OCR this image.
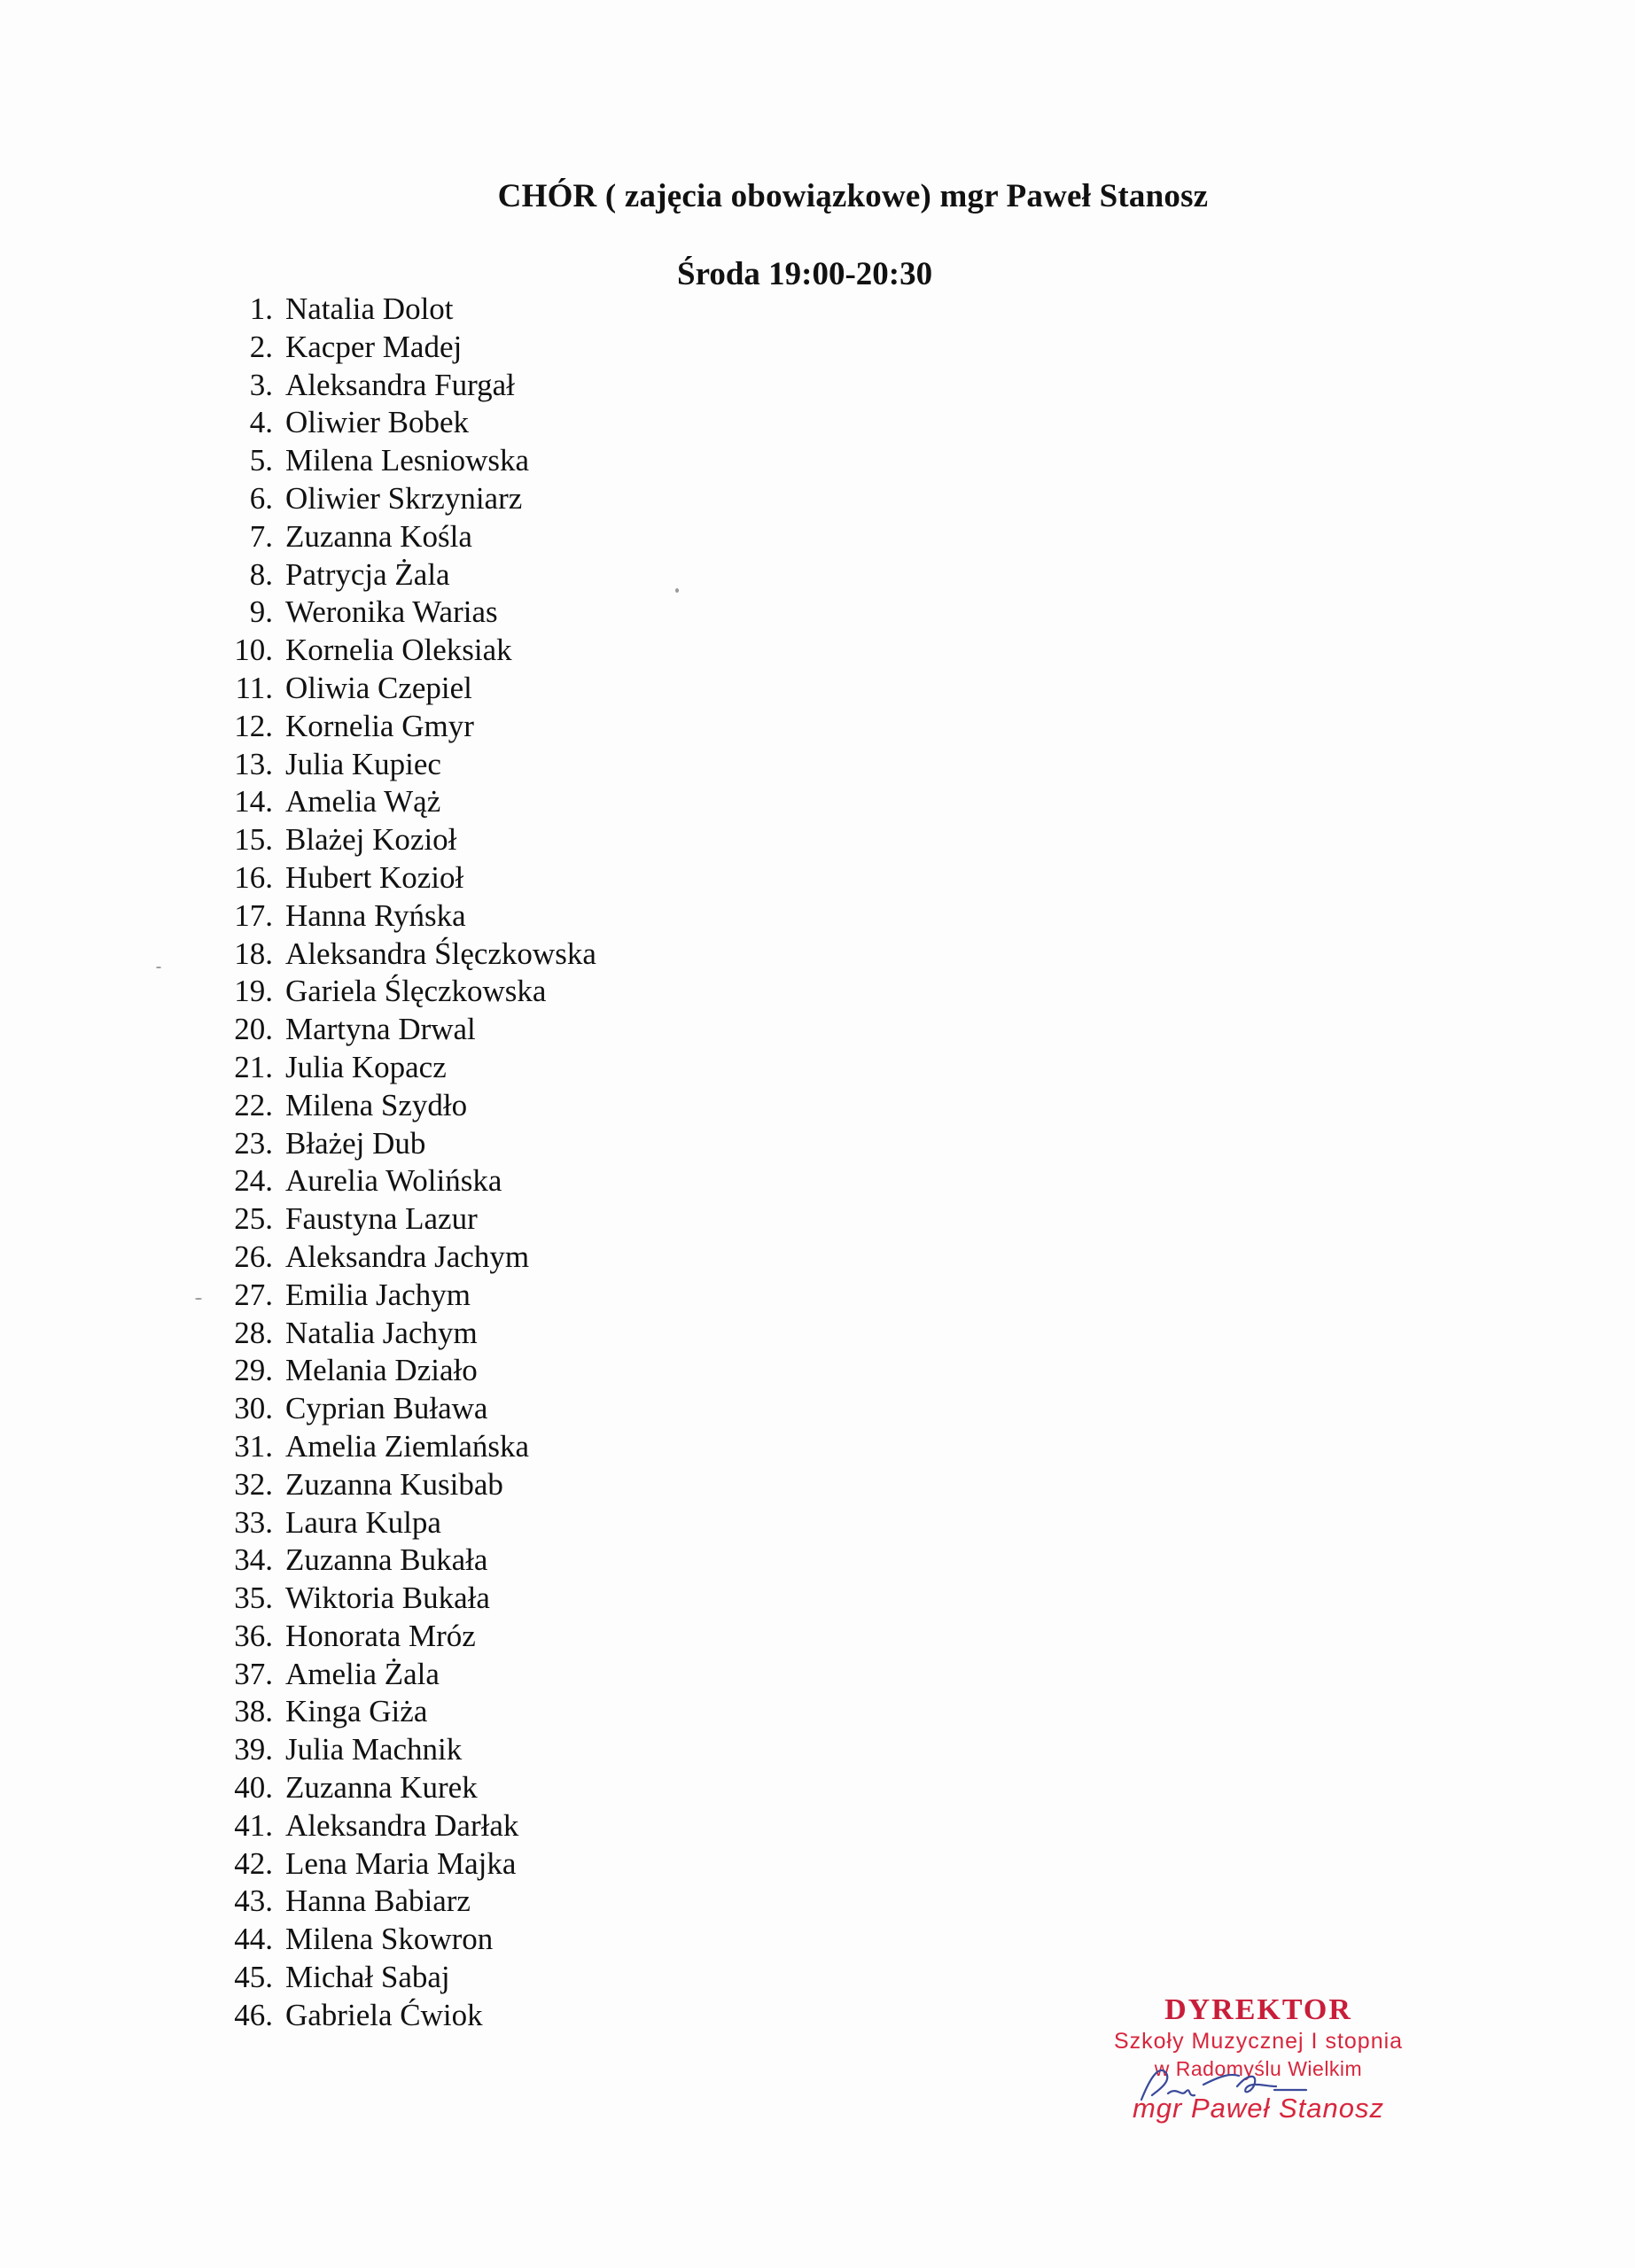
CHÓR ( zajęcia obowiązkowe) mgr Paweł Stanosz
Środa 19:00-20:30
1. Natalia Dolot
2. Kacper Madej
3. Aleksandra Furgał
4. Oliwier Bobek
5. Milena Lesniowska
6. Oliwier Skrzyniarz
7. Zuzanna Kośla
8. Patrycja Żala
9. Weronika Warias
10. Kornelia Oleksiak
11. Oliwia Czepiel
12. Kornelia Gmyr
13. Julia Kupiec
14. Amelia Wąż
15. Blażej Kozioł
16. Hubert Kozioł
17. Hanna Ryńska
18. Aleksandra Ślęczkowska
19. Gariela Ślęczkowska
20. Martyna Drwal
21. Julia Kopacz
22. Milena Szydło
23. Błażej Dub
24. Aurelia Wolińska
25. Faustyna Lazur
26. Aleksandra Jachym
27. Emilia Jachym
28. Natalia Jachym
29. Melania Działo
30. Cyprian Buława
31. Amelia Ziemlańska
32. Zuzanna Kusibab
33. Laura Kulpa
34. Zuzanna Bukała
35. Wiktoria Bukała
36. Honorata Mróz
37. Amelia Żala
38. Kinga Giża
39. Julia Machnik
40. Zuzanna Kurek
41. Aleksandra Darłak
42. Lena Maria Majka
43. Hanna Babiarz
44. Milena Skowron
45. Michał Sabaj
46. Gabriela Ćwiok	DYREKTOR
Szkoły Muzycznej I stopnia
w Radomyślu Wielkim
mgr Paweł Stanosz
